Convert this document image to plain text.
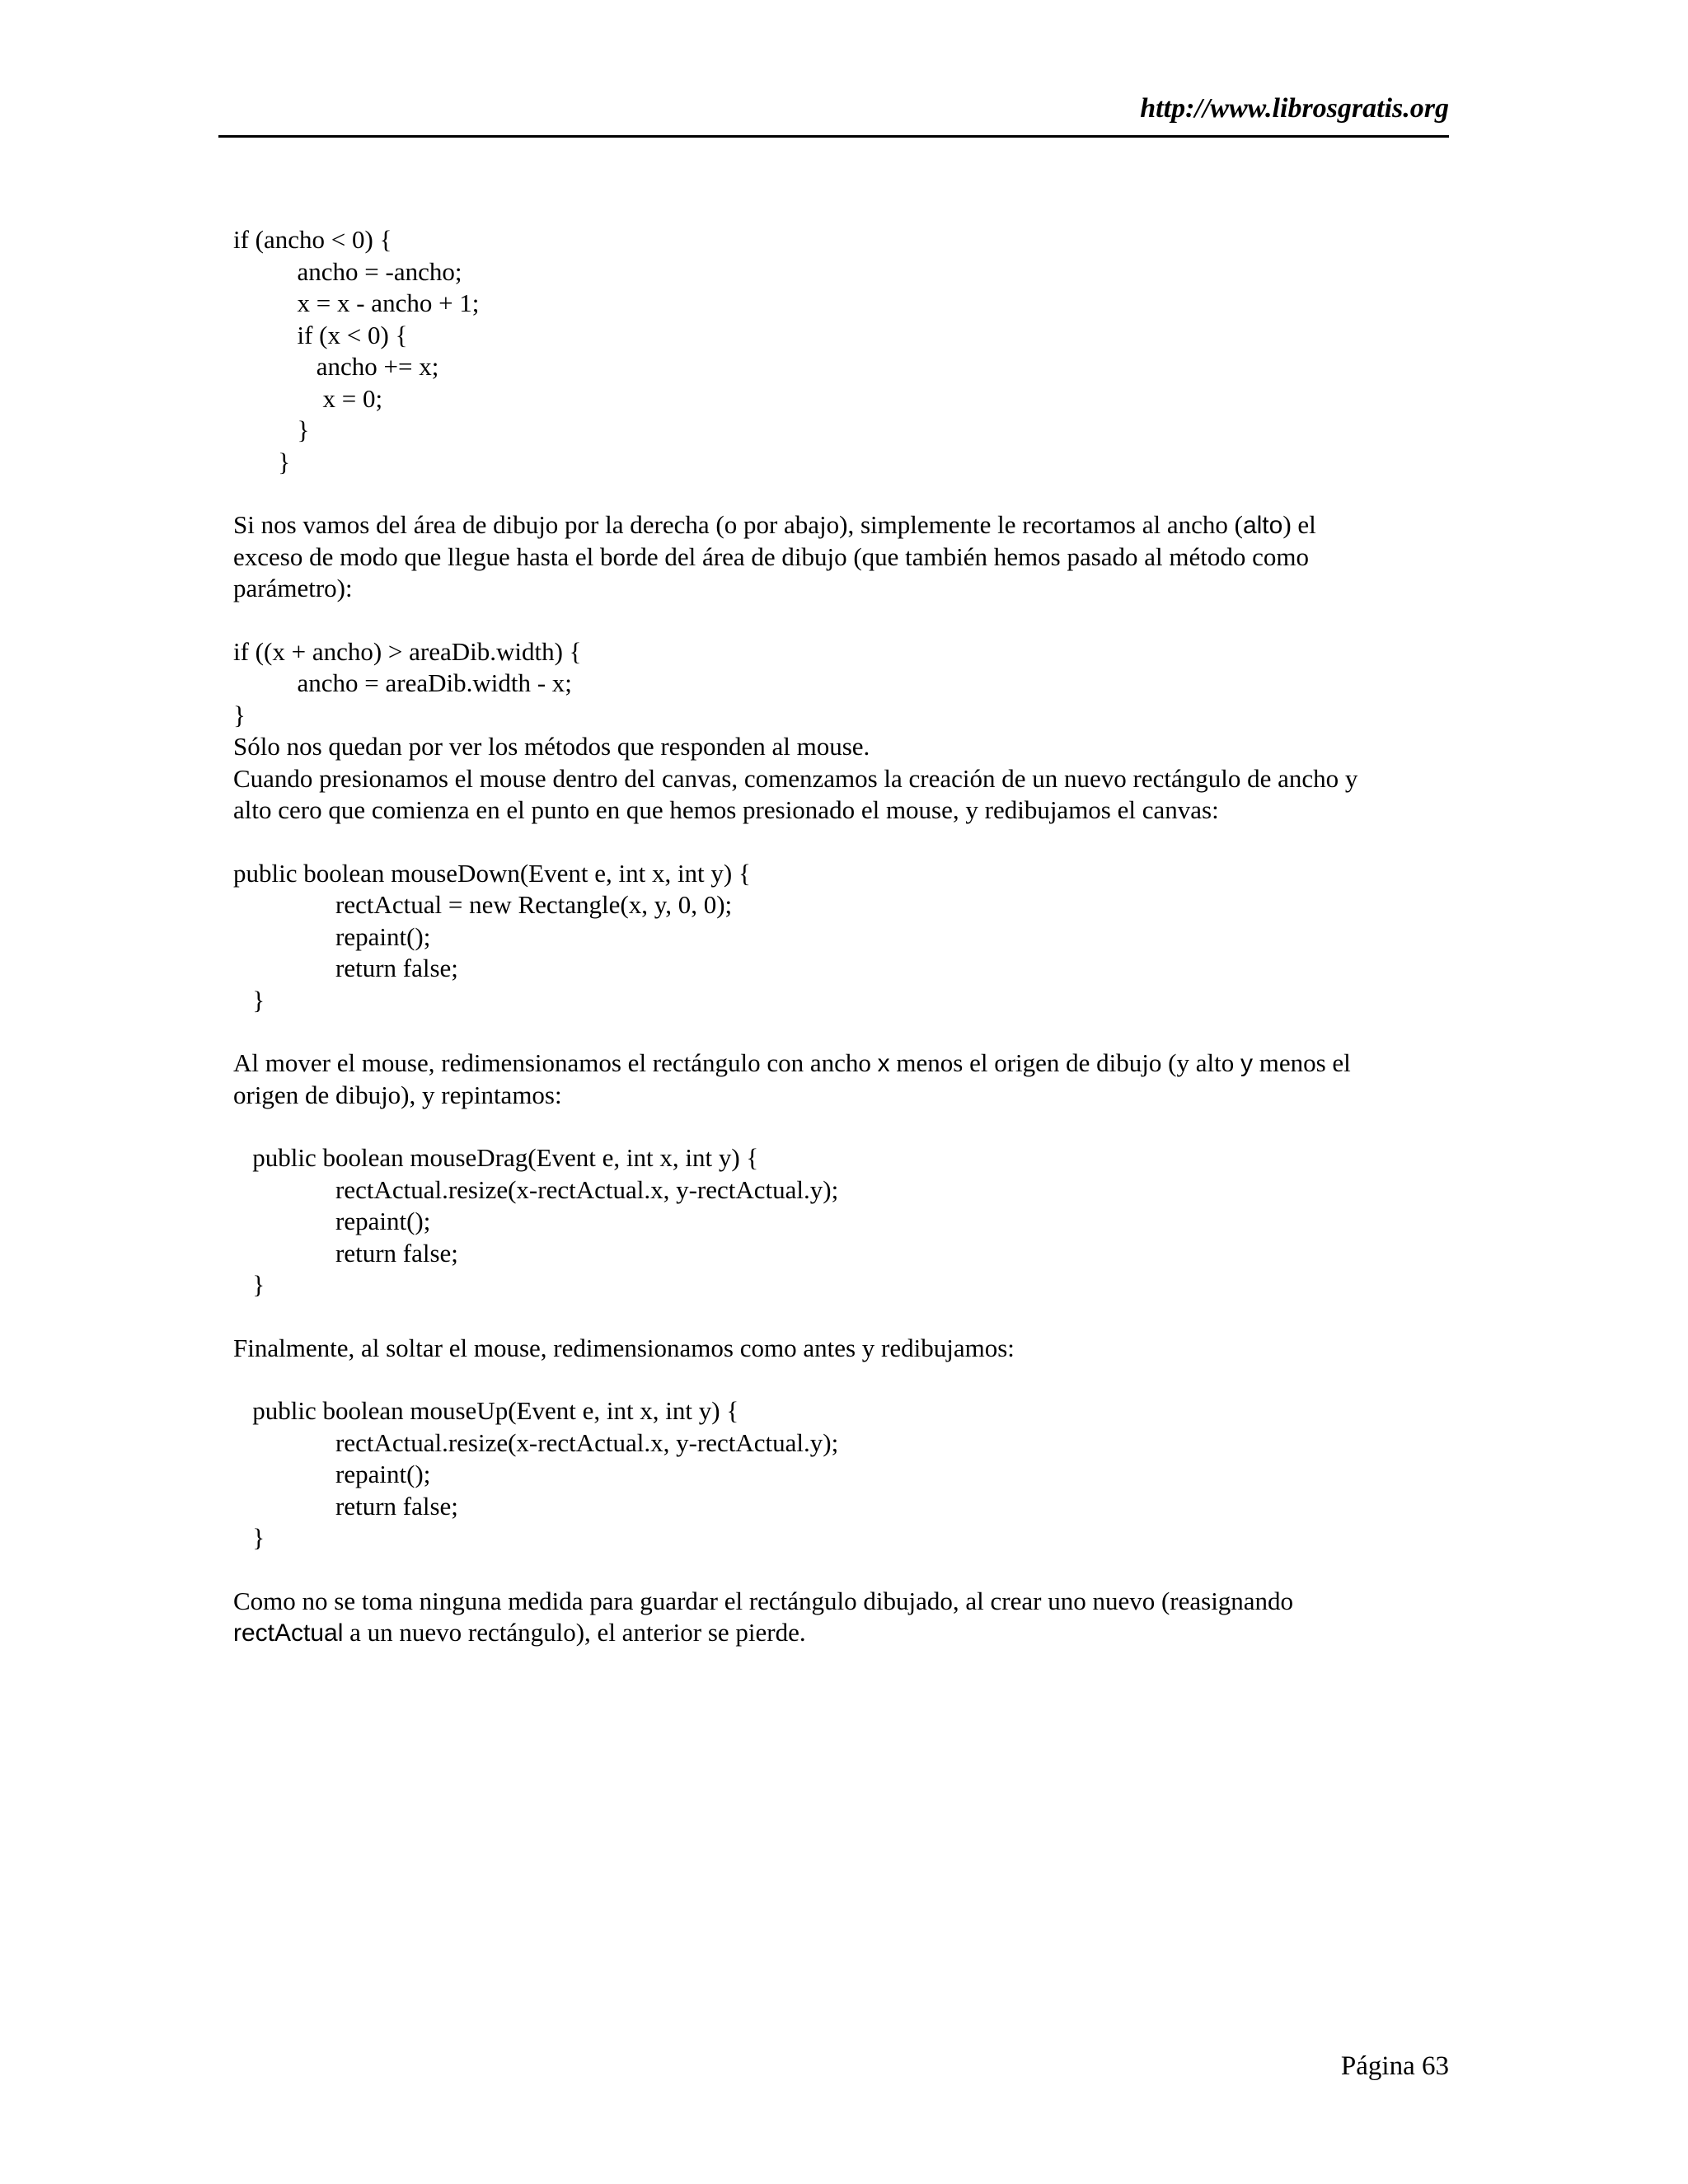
http://www.librosgratis.org
if (ancho < 0) {
ancho = -ancho;
x = x - ancho + 1;
if (x < 0) {
ancho += x;
x = 0;
}
}
Si nos vamos del área de dibujo por la derecha (o por abajo), simplemente le recortamos al ancho (alto) el
exceso de modo que llegue hasta el borde del área de dibujo (que también hemos pasado al método como
parámetro):
if ((x + ancho) > areaDib.width) {
ancho = areaDib.width - x;
}
Sólo nos quedan por ver los métodos que responden al mouse.
Cuando presionamos el mouse dentro del canvas, comenzamos la creación de un nuevo rectángulo de ancho y
alto cero que comienza en el punto en que hemos presionado el mouse, y redibujamos el canvas:
public boolean mouseDown(Event e, int x, int y) {
rectActual = new Rectangle(x, y, 0, 0);
repaint();
return false;
}
Al mover el mouse, redimensionamos el rectángulo con ancho x menos el origen de dibujo (y alto y menos el
origen de dibujo), y repintamos:
public boolean mouseDrag(Event e, int x, int y) {
rectActual.resize(x-rectActual.x, y-rectActual.y);
repaint();
return false;
}
Finalmente, al soltar el mouse, redimensionamos como antes y redibujamos:
public boolean mouseUp(Event e, int x, int y) {
rectActual.resize(x-rectActual.x, y-rectActual.y);
repaint();
return false;
}
Como no se toma ninguna medida para guardar el rectángulo dibujado, al crear uno nuevo (reasignando
rectActual a un nuevo rectángulo), el anterior se pierde.
Página 63
